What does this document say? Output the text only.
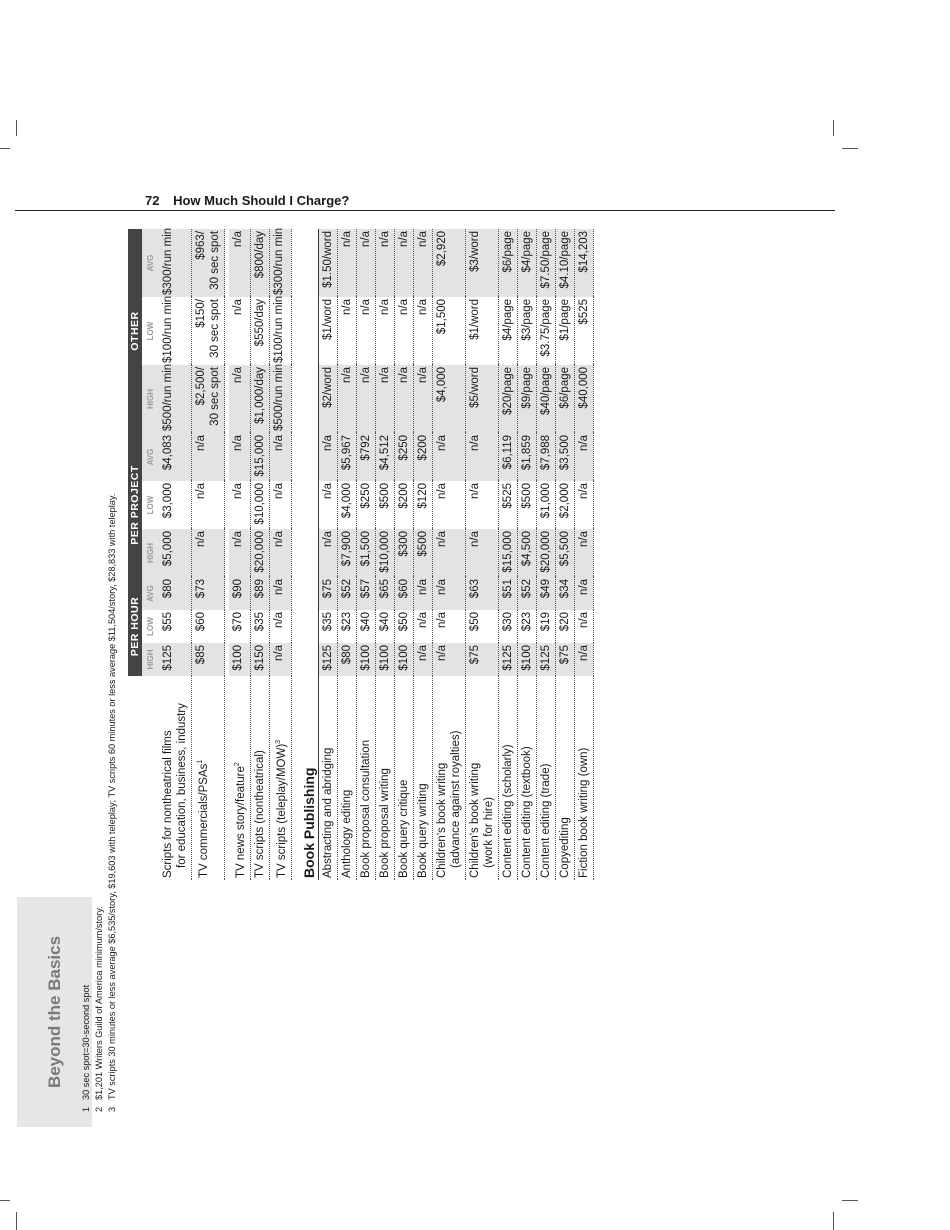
72 How Much Should I Charge?
Beyond the Basics
	PER HOUR			PER PROJECT			OTHER		
	HIGH	LOW	AVG	HIGH	LOW	AVG	HIGH	LOW	AVG
Scripts for nontheatrical films for education, business, industry	$125	$55	$80	$5,000	$3,000	$4,083	$500/run min	$100/run min	$300/run min
TV commercials/PSAs$^1$	$85	$60	$73	n/a	n/a	n/a	$2,500/ 30 sec spot	$150/ 30 sec spot	$963/ 30 sec spot

TV news story/feature$^2$	$100	$70	$90	n/a	n/a	n/a	n/a	n/a	n/a
TV scripts (nontheatrical)	$150	$35	$89	$20,000	$10,000	$15,000	$1,000/day	$550/day	$800/day
TV scripts (teleplay/MOW)$^3$	n/a	n/a	n/a	n/a	n/a	n/a	$500/run min	$100/run min	$300/run min
Book Publishing									
Abstracting and abridging	$125	$35	$75	n/a	n/a	n/a	$2/word	$1/word	$1.50/word
Anthology editing	$80	$23	$52	$7,900	$4,000	$5,967	n/a	n/a	n/a
Book proposal consultation	$100	$40	$57	$1,500	$250	$792	n/a	n/a	n/a
Book proposal writing	$100	$40	$65	$10,000	$500	$4,512	n/a	n/a	n/a
Book query critique	$100	$50	$60	$300	$200	$250	n/a	n/a	n/a
Book query writing	n/a	n/a	n/a	$500	$120	$200	n/a	n/a	n/a
Children's book writing (advance against royalties)	n/a	n/a	n/a	n/a	n/a	n/a	$4,000	$1,500	$2,920
Children's book writing (work for hire)	$75	$50	$63	n/a	n/a	n/a	$5/word	$1/word	$3/word
Content editing (scholarly)	$125	$30	$51	$15,000	$525	$6,119	$20/page	$4/page	$6/page
Content editing (textbook)	$100	$23	$52	$4,500	$500	$1,859	$9/page	$3/page	$4/page
Content editing (trade)	$125	$19	$49	$20,000	$1,000	$7,988	$40/page	$3.75/page	$7.50/page
Copyediting	$75	$20	$34	$5,500	$2,000	$3,500	$6/page	$1/page	$4.10/page
Fiction book writing (own)	n/a	n/a	n/a	n/a	n/a	n/a	$40,000	$525	$14,203
130 sec spot=30-second spot
2$1,201 Writers Guild of America minimum/story.
3TV scripts 30 minutes or less average $6,535/story, $19,603 with teleplay; TV scripts 60 minutes or less average $11,504/story, $28,833 with teleplay.
